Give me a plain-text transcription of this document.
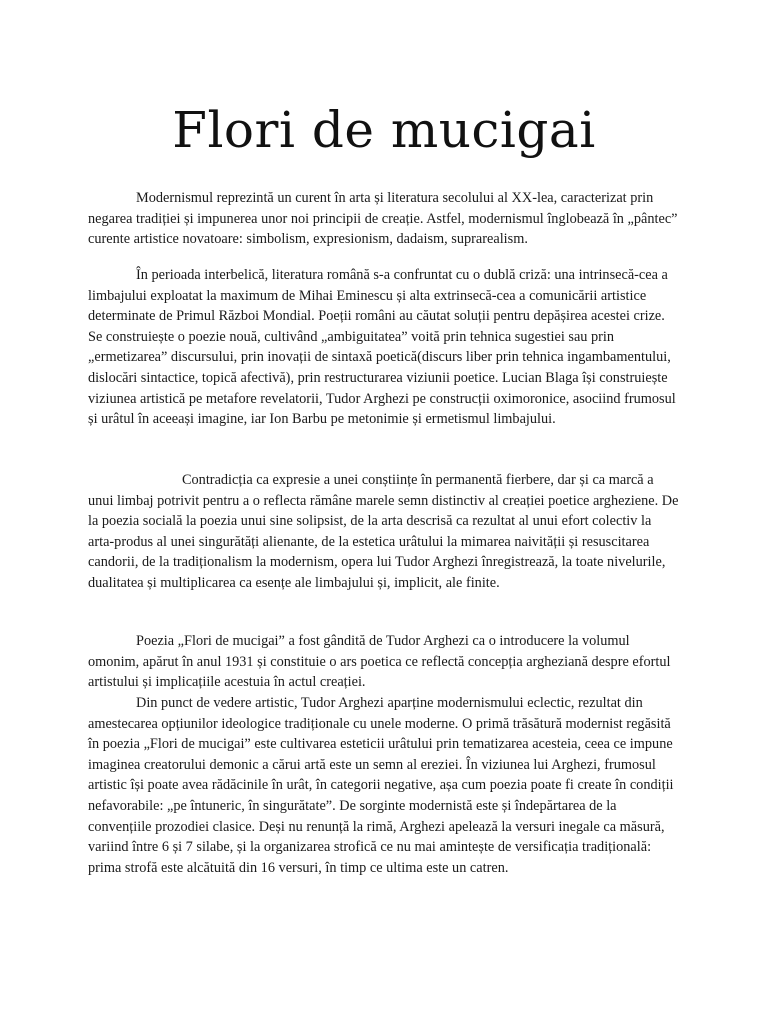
Flori de mucigai

Modernismul reprezintă un curent în arta și literatura secolului al XX-lea, caracterizat prin negarea tradiției și impunerea unor noi principii de creație. Astfel, modernismul înglobează în „pântec” curente artistice novatoare: simbolism, expresionism, dadaism, suprarealism.

În perioada interbelică, literatura română s-a confruntat cu o dublă criză: una intrinsecă-cea a limbajului exploatat la maximum de Mihai Eminescu și alta extrinsecă-cea a comunicării artistice determinate de Primul Război Mondial. Poeții români au căutat soluții pentru depășirea acestei crize. Se construiește o poezie nouă, cultivând „ambiguitatea” voită prin tehnica sugestiei sau prin „ermetizarea” discursului, prin inovații de sintaxă poetică(discurs liber prin tehnica ingambamentului, dislocări sintactice, topică afectivă), prin restructurarea viziunii poetice. Lucian Blaga își construiește viziunea artistică pe metafore revelatorii, Tudor Arghezi pe construcții oximoronice, asociind frumosul și urâtul în aceeași imagine, iar Ion Barbu pe metonimie și ermetismul limbajului.

Contradicția ca expresie a unei conștiințe în permanentă fierbere, dar și ca marcă a unui limbaj potrivit pentru a o reflecta rămâne marele semn distinctiv al creației poetice argheziene. De la poezia socială la poezia unui sine solipsist, de la arta descrisă ca rezultat al unui efort colectiv la arta-produs al unei singurătăți alienante, de la estetica urâtului la mimarea naivității și resuscitarea candorii, de la tradiționalism la modernism, opera lui Tudor Arghezi înregistrează, la toate nivelurile, dualitatea și multiplicarea ca esențe ale limbajului și, implicit, ale finite.

Poezia „Flori de mucigai” a fost gândită de Tudor Arghezi ca o introducere la volumul omonim, apărut în anul 1931 și constituie o ars poetica ce reflectă concepția argheziană despre efortul artistului și implicațiile acestuia în actul creației.

Din punct de vedere artistic, Tudor Arghezi aparține modernismului eclectic, rezultat din amestecarea opțiunilor ideologice tradiționale cu unele moderne. O primă trăsătură modernist regăsită în poezia „Flori de mucigai” este cultivarea esteticii urâtului prin tematizarea acesteia, ceea ce impune imaginea creatorului demonic a cărui artă este un semn al ereziei. În viziunea lui Arghezi, frumosul artistic își poate avea rădăcinile în urât, în categorii negative, așa cum poezia poate fi create în condiții nefavorabile: „pe întuneric, în singurătate”. De sorginte modernistă este și îndepărtarea de la convențiile prozodiei clasice. Deși nu renunță la rimă, Arghezi apelează la versuri inegale ca măsură, variind între 6 și 7 silabe, și la organizarea strofică ce nu mai amintește de versificația tradițională: prima strofă este alcătuită din 16 versuri, în timp ce ultima este un catren.
